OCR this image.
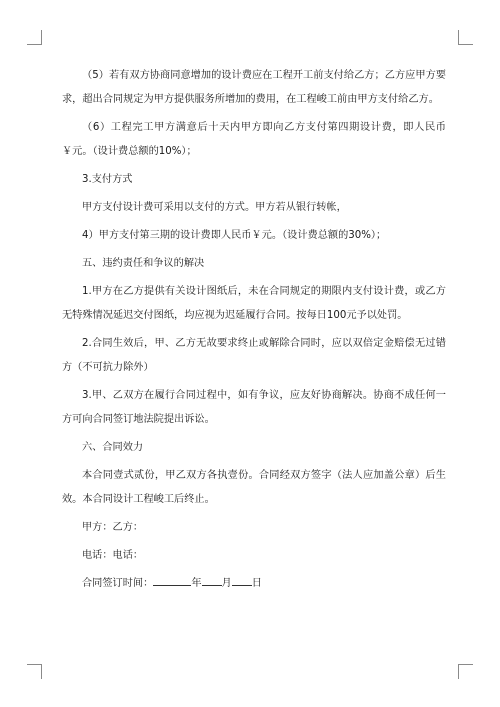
（5）若有双方协商同意增加的设计费应在工程开工前支付给乙方；乙方应甲方要求，超出合同规定为甲方提供服务所增加的费用，在工程峻工前由甲方支付给乙方。

（6）工程完工甲方满意后十天内甲方即向乙方支付第四期设计费，即人民币￥元。（设计费总额的10%）；

3.支付方式

甲方支付设计费可采用以支付的方式。甲方若从银行转帐，

4）甲方支付第三期的设计费即人民币￥元。（设计费总额的30%）；

五、违约责任和争议的解决

1.甲方在乙方提供有关设计图纸后，未在合同规定的期限内支付设计费，或乙方无特殊情况延迟交付图纸，均应视为迟延履行合同。按每日100元予以处罚。

2.合同生效后，甲、乙方无故要求终止或解除合同时，应以双倍定金赔偿无过错方（不可抗力除外）

3.甲、乙双方在履行合同过程中，如有争议，应友好协商解决。协商不成任何一方可向合同签订地法院提出诉讼。

六、合同效力

本合同壹式贰份，甲乙双方各执壹份。合同经双方签字（法人应加盖公章）后生效。本合同设计工程峻工后终止。

甲方：乙方：

电话：电话：

合同签订时间：	年 月 日
